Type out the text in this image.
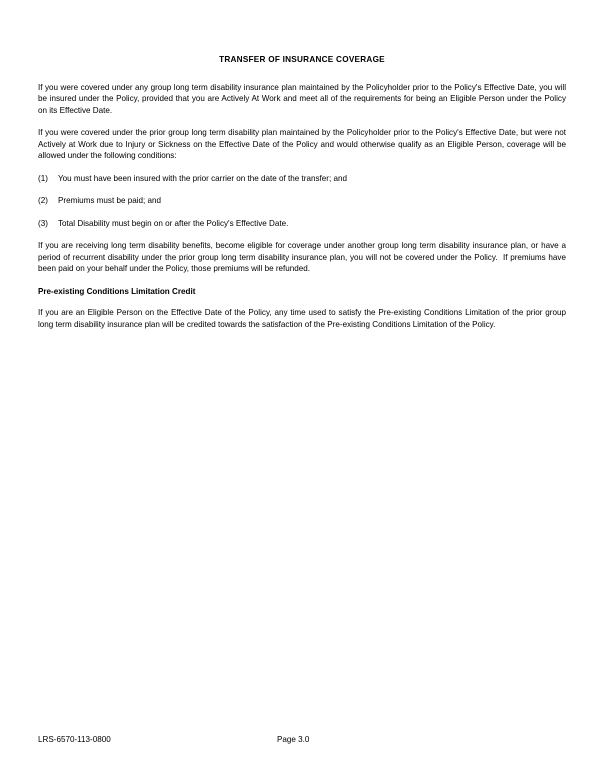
TRANSFER OF INSURANCE COVERAGE

If you were covered under any group long term disability insurance plan maintained by the Policyholder prior to the Policy's Effective Date, you will be insured under the Policy, provided that you are Actively At Work and meet all of the requirements for being an Eligible Person under the Policy on its Effective Date.

If you were covered under the prior group long term disability plan maintained by the Policyholder prior to the Policy's Effective Date, but were not Actively at Work due to Injury or Sickness on the Effective Date of the Policy and would otherwise qualify as an Eligible Person, coverage will be allowed under the following conditions:

(1)	You must have been insured with the prior carrier on the date of the transfer; and
(2)	Premiums must be paid; and
(3)	Total Disability must begin on or after the Policy's Effective Date.

If you are receiving long term disability benefits, become eligible for coverage under another group long term disability insurance plan, or have a period of recurrent disability under the prior group long term disability insurance plan, you will not be covered under the Policy.  If premiums have been paid on your behalf under the Policy, those premiums will be refunded.

Pre-existing Conditions Limitation Credit

If you are an Eligible Person on the Effective Date of the Policy, any time used to satisfy the Pre-existing Conditions Limitation of the prior group long term disability insurance plan will be credited towards the satisfaction of the Pre-existing Conditions Limitation of the Policy.

LRS-6570-113-0800	Page 3.0
